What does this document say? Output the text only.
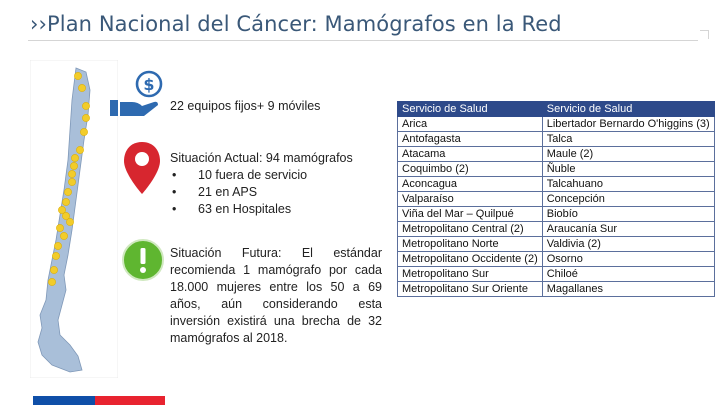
››Plan Nacional del Cáncer: Mamógrafos en la Red
$
22 equipos fijos+ 9 móviles
Situación Actual: 94 mamógrafos
•	10 fuera de servicio
•	21 en APS
•	63 en Hospitales
Situación Futura: El estándar recomienda 1 mamógrafo por cada 18.000 mujeres entre los 50 a 69 años, aún considerando esta inversión existirá una brecha de 32 mamógrafos al 2018.
Servicio de Salud	Servicio de Salud
Arica	Libertador Bernardo O'higgins (3)
Antofagasta	Talca
Atacama	Maule (2)
Coquimbo (2)	Ñuble
Aconcagua	Talcahuano
Valparaíso	Concepción
Viña del Mar – Quilpué	Biobío
Metropolitano Central (2)	Araucanía Sur
Metropolitano Norte	Valdivia (2)
Metropolitano Occidente (2)	Osorno
Metropolitano Sur	Chiloé
Metropolitano Sur Oriente	Magallanes
